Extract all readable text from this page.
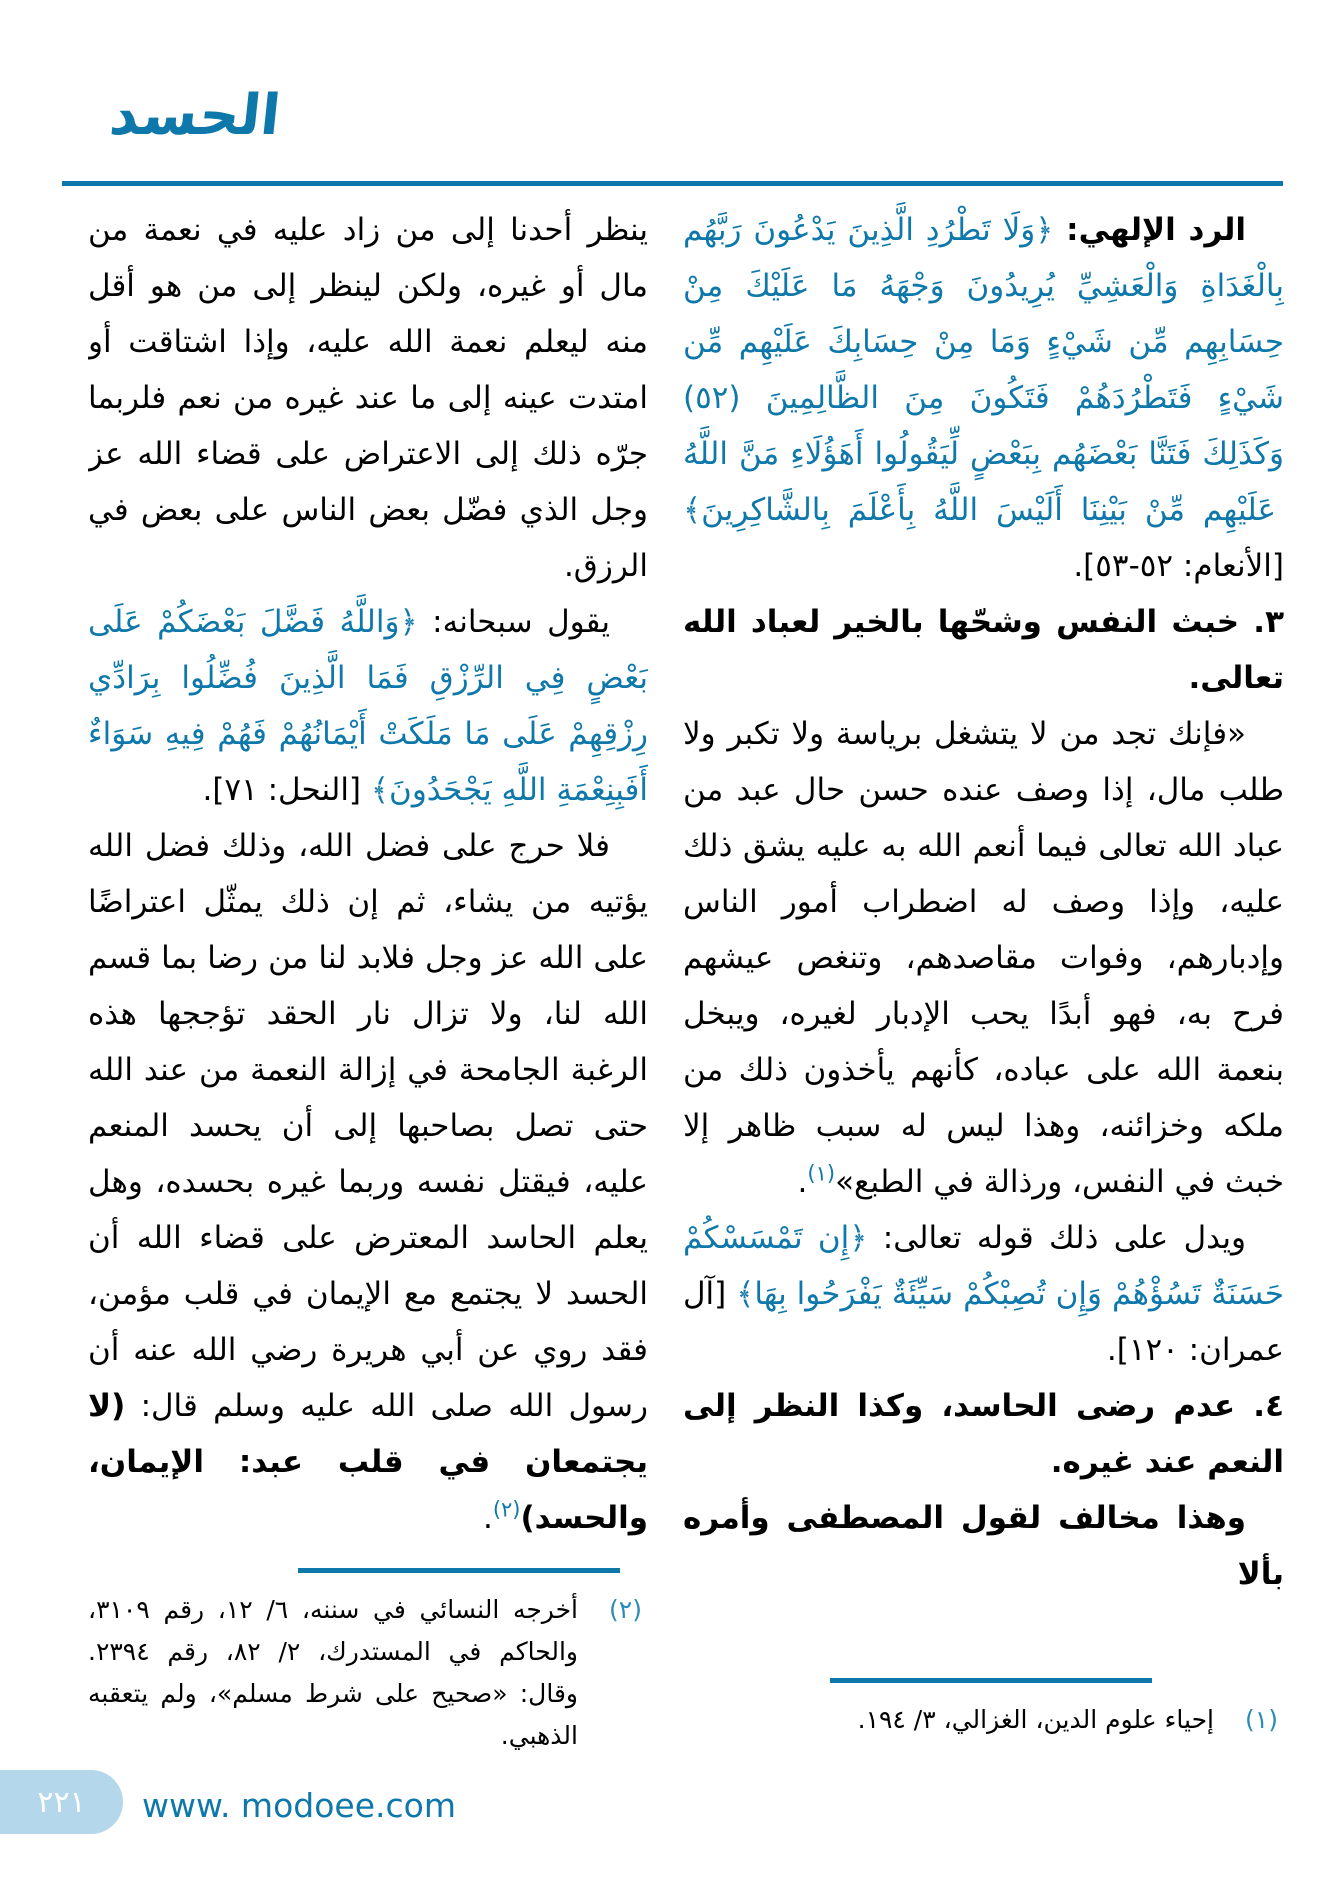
الحسد

الرد الإلهي: ﴿وَلَا تَطْرُدِ الَّذِينَ يَدْعُونَ رَبَّهُم بِالْغَدَاةِ وَالْعَشِيِّ يُرِيدُونَ وَجْهَهُ مَا عَلَيْكَ مِنْ حِسَابِهِم مِّن شَيْءٍ وَمَا مِنْ حِسَابِكَ عَلَيْهِم مِّن شَيْءٍ فَتَطْرُدَهُمْ فَتَكُونَ مِنَ الظَّالِمِينَ (٥٢) وَكَذَلِكَ فَتَنَّا بَعْضَهُم بِبَعْضٍ لِّيَقُولُوا أَهَؤُلَاءِ مَنَّ اللَّهُ عَلَيْهِم مِّنْ بَيْنِنَا أَلَيْسَ اللَّهُ بِأَعْلَمَ بِالشَّاكِرِينَ﴾ [الأنعام: ٥٢-٥٣].

٣. خبث النفس وشحّها بالخير لعباد الله تعالى.

«فإنك تجد من لا يتشغل برياسة ولا تكبر ولا طلب مال، إذا وصف عنده حسن حال عبد من عباد الله تعالى فيما أنعم الله به عليه يشق ذلك عليه، وإذا وصف له اضطراب أمور الناس وإدبارهم، وفوات مقاصدهم، وتنغص عيشهم فرح به، فهو أبدًا يحب الإدبار لغيره، ويبخل بنعمة الله على عباده، كأنهم يأخذون ذلك من ملكه وخزائنه، وهذا ليس له سبب ظاهر إلا خبث في النفس، ورذالة في الطبع»$^{(١)}$.

ويدل على ذلك قوله تعالى: ﴿إِن تَمْسَسْكُمْ حَسَنَةٌ تَسُؤْهُمْ وَإِن تُصِبْكُمْ سَيِّئَةٌ يَفْرَحُوا بِهَا﴾ [آل عمران: ١٢٠].

٤. عدم رضى الحاسد، وكذا النظر إلى النعم عند غيره.

وهذا مخالف لقول المصطفى وأمره بألا

ينظر أحدنا إلى من زاد عليه في نعمة من مال أو غيره، ولكن لينظر إلى من هو أقل منه ليعلم نعمة الله عليه، وإذا اشتاقت أو امتدت عينه إلى ما عند غيره من نعم فلربما جرّه ذلك إلى الاعتراض على قضاء الله عز وجل الذي فضّل بعض الناس على بعض في الرزق.

يقول سبحانه: ﴿وَاللَّهُ فَضَّلَ بَعْضَكُمْ عَلَى بَعْضٍ فِي الرِّزْقِ فَمَا الَّذِينَ فُضِّلُوا بِرَادِّي رِزْقِهِمْ عَلَى مَا مَلَكَتْ أَيْمَانُهُمْ فَهُمْ فِيهِ سَوَاءٌ أَفَبِنِعْمَةِ اللَّهِ يَجْحَدُونَ﴾ [النحل: ٧١].

فلا حرج على فضل الله، وذلك فضل الله يؤتيه من يشاء، ثم إن ذلك يمثّل اعتراضًا على الله عز وجل فلابد لنا من رضا بما قسم الله لنا، ولا تزال نار الحقد تؤججها هذه الرغبة الجامحة في إزالة النعمة من عند الله حتى تصل بصاحبها إلى أن يحسد المنعم عليه، فيقتل نفسه وربما غيره بحسده، وهل يعلم الحاسد المعترض على قضاء الله أن الحسد لا يجتمع مع الإيمان في قلب مؤمن، فقد روي عن أبي هريرة رضي الله عنه أن رسول الله صلى الله عليه وسلم قال: (لا يجتمعان في قلب عبد: الإيمان، والحسد)$^{(٢)}$.

(٢)
أخرجه النسائي في سننه، ٦/ ١٢، رقم ٣١٠٩، والحاكم في المستدرك، ٢/ ٨٢، رقم ٢٣٩٤. وقال: «صحيح على شرط مسلم»، ولم يتعقبه الذهبي.

(١)
إحياء علوم الدين، الغزالي، ٣/ ١٩٤.

٢٢١ www. modoee.com
